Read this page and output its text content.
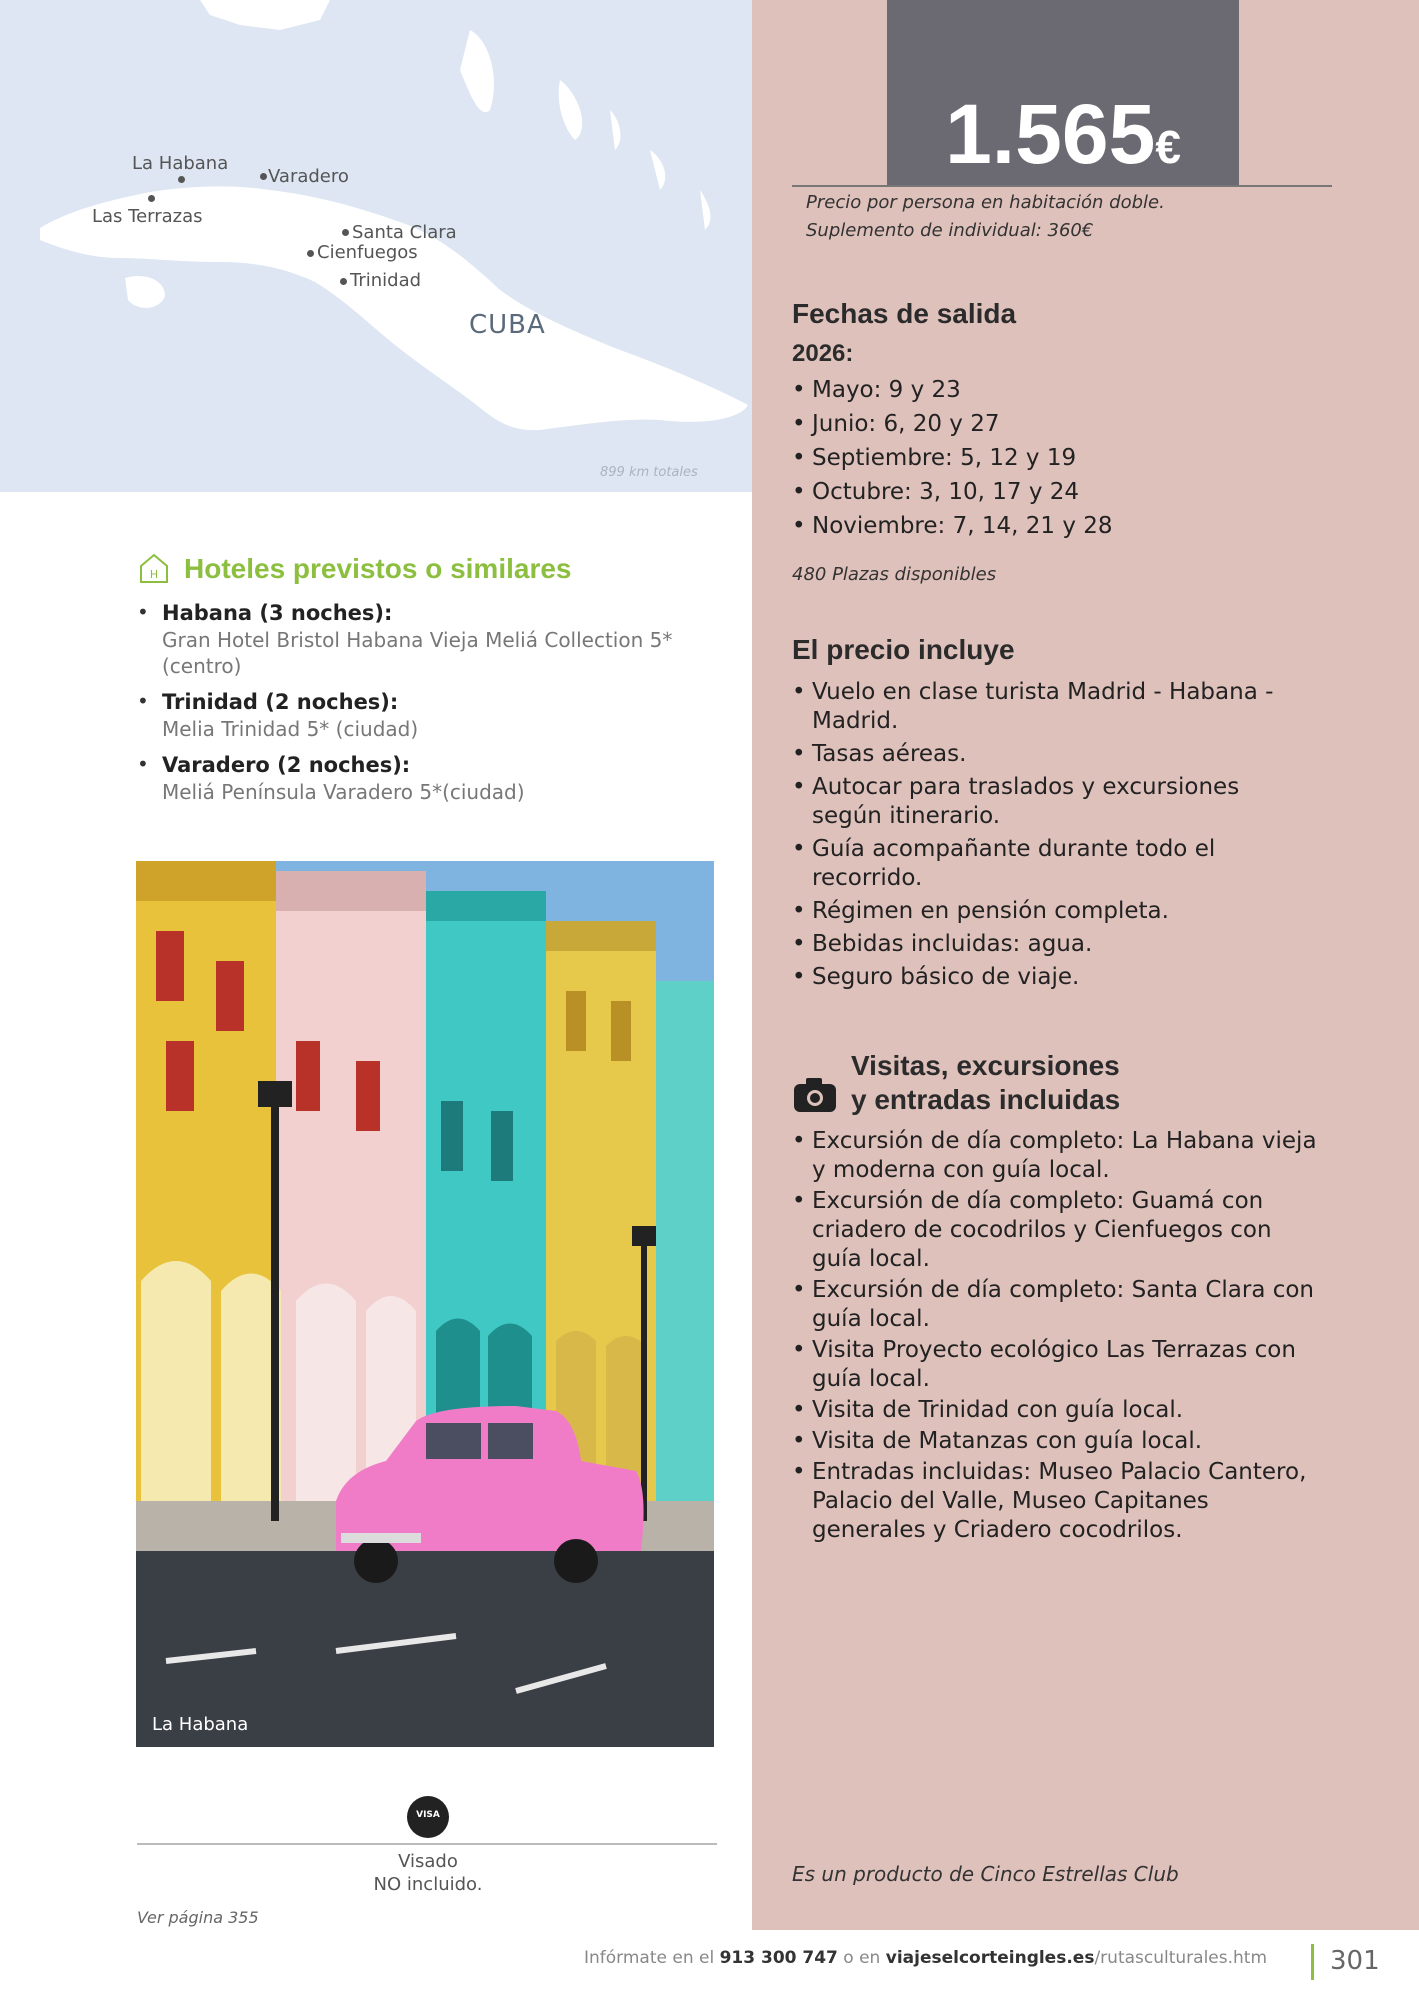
La Habana
Varadero
Las Terrazas
Santa Clara
Cienfuegos
Trinidad
CUBA
899 km totales
1.565€
Precio por persona en habitación doble.
Suplemento de individual: 360€
Fechas de salida
2026:
• Mayo: 9 y 23
• Junio: 6, 20 y 27
• Septiembre: 5, 12 y 19
• Octubre: 3, 10, 17 y 24
• Noviembre: 7, 14, 21 y 28
480 Plazas disponibles
El precio incluye
• Vuelo en clase turista Madrid - Habana - Madrid.
• Tasas aéreas.
• Autocar para traslados y excursiones según itinerario.
• Guía acompañante durante todo el recorrido.
• Régimen en pensión completa.
• Bebidas incluidas: agua.
• Seguro básico de viaje.
Visitas, excursiones
y entradas incluidas
• Excursión de día completo: La Habana vieja y moderna con guía local.
• Excursión de día completo: Guamá con criadero de cocodrilos y Cienfuegos con guía local.
• Excursión de día completo: Santa Clara con guía local.
• Visita Proyecto ecológico Las Terrazas con guía local.
• Visita de Trinidad con guía local.
• Visita de Matanzas con guía local.
• Entradas incluidas: Museo Palacio Cantero, Palacio del Valle, Museo Capitanes generales y Criadero cocodrilos.
Es un producto de Cinco Estrellas Club
H Hoteles previstos o similares
• Habana (3 noches):
Gran Hotel Bristol Habana Vieja Meliá Collection 5* (centro)
• Trinidad (2 noches):
Melia Trinidad 5* (ciudad)
• Varadero (2 noches):
Meliá Península Varadero 5*(ciudad)
La Habana
VISA
Visado
NO incluido.
Ver página 355
Infórmate en el 913 300 747 o en viajeselcorteingles.es/rutasculturales.htm 301
